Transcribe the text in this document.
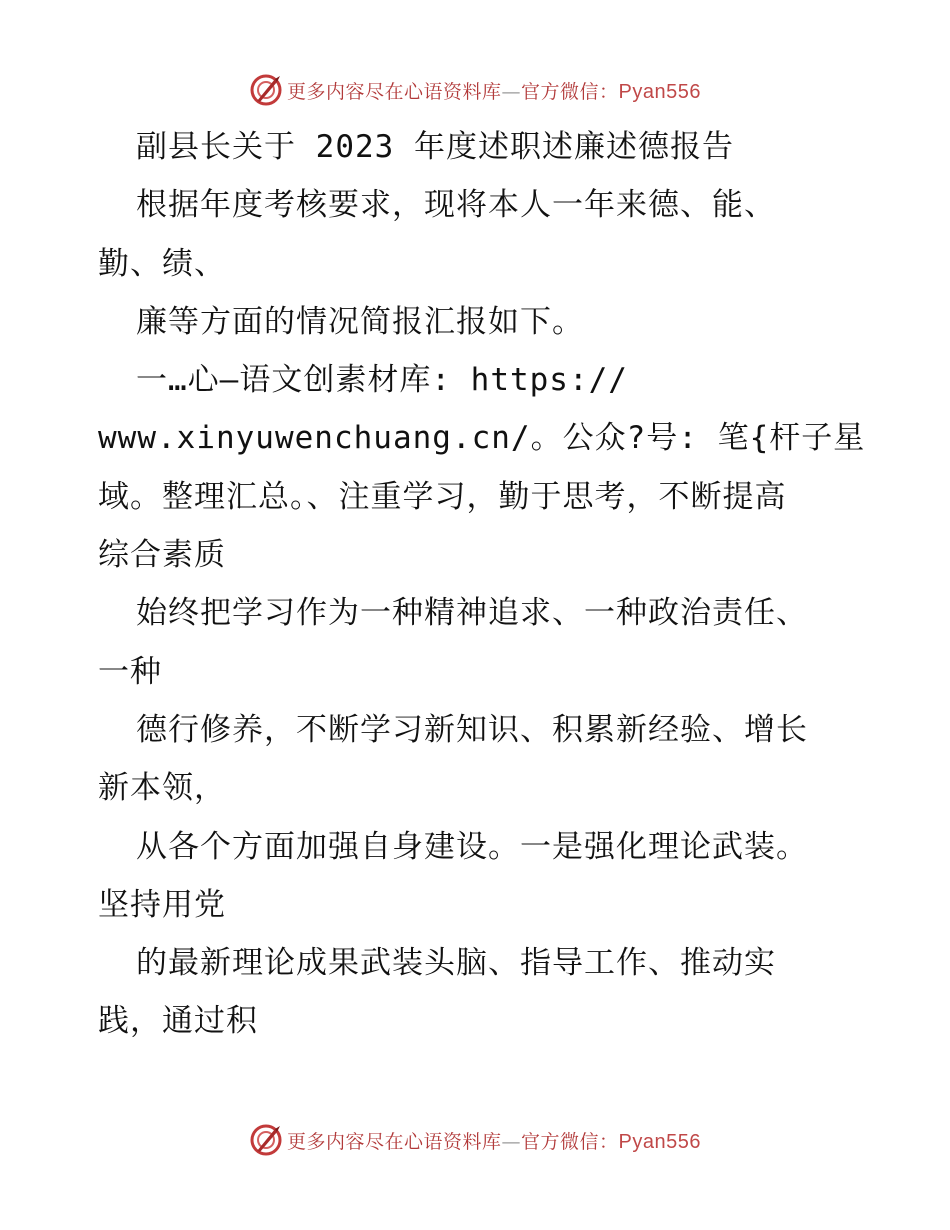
更多内容尽在心语资料库—官方微信：Pyan556
副县长关于 2023 年度述职述廉述德报告
根据年度考核要求，现将本人一年来德、能、
勤、绩、
廉等方面的情况简报汇报如下。
一…心—语文创素材库: https://
www.xinyuwenchuang.cn/。公众?号: 笔{杆子星
域。整理汇总。、注重学习，勤于思考，不断提高
综合素质
始终把学习作为一种精神追求、一种政治责任、
一种
德行修养，不断学习新知识、积累新经验、增长
新本领，
从各个方面加强自身建设。一是强化理论武装。
坚持用党
的最新理论成果武装头脑、指导工作、推动实
践，通过积
更多内容尽在心语资料库—官方微信：Pyan556
